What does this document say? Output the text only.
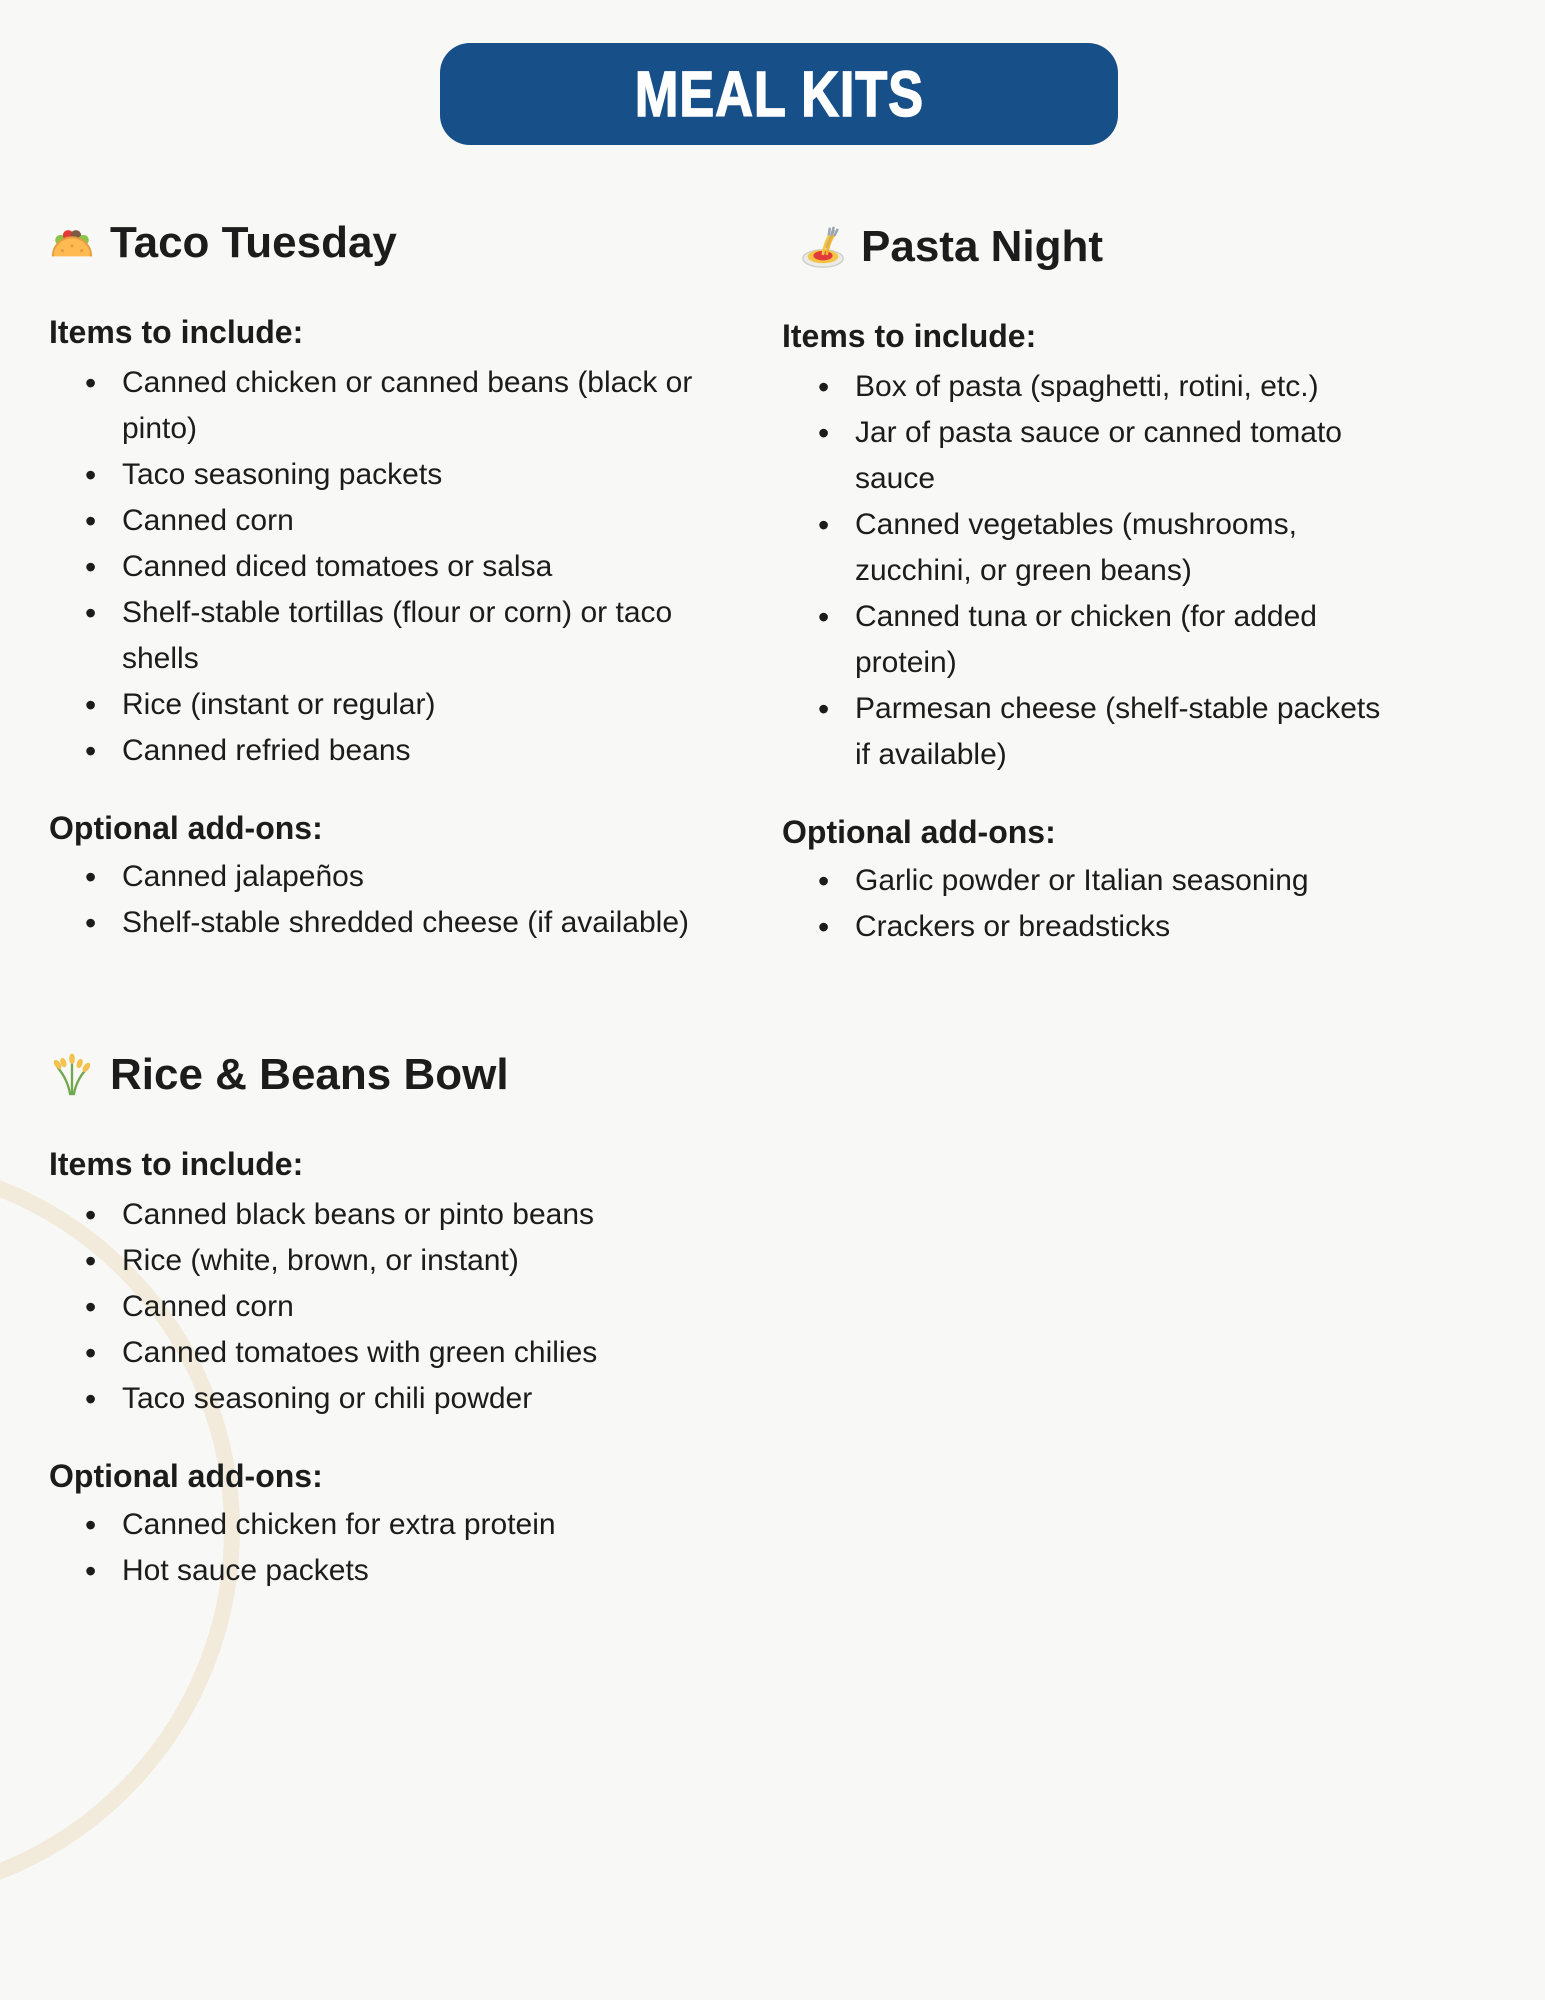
MEAL KITS
Taco Tuesday
Items to include:
• Canned chicken or canned beans (black or pinto)
• Taco seasoning packets
• Canned corn
• Canned diced tomatoes or salsa
• Shelf-stable tortillas (flour or corn) or taco shells
• Rice (instant or regular)
• Canned refried beans
Optional add-ons:
• Canned jalapeños
• Shelf-stable shredded cheese (if available)
Pasta Night
Items to include:
• Box of pasta (spaghetti, rotini, etc.)
• Jar of pasta sauce or canned tomato sauce
• Canned vegetables (mushrooms, zucchini, or green beans)
• Canned tuna or chicken (for added protein)
• Parmesan cheese (shelf-stable packets if available)
Optional add-ons:
• Garlic powder or Italian seasoning
• Crackers or breadsticks
Rice & Beans Bowl
Items to include:
• Canned black beans or pinto beans
• Rice (white, brown, or instant)
• Canned corn
• Canned tomatoes with green chilies
• Taco seasoning or chili powder
Optional add-ons:
• Canned chicken for extra protein
• Hot sauce packets
